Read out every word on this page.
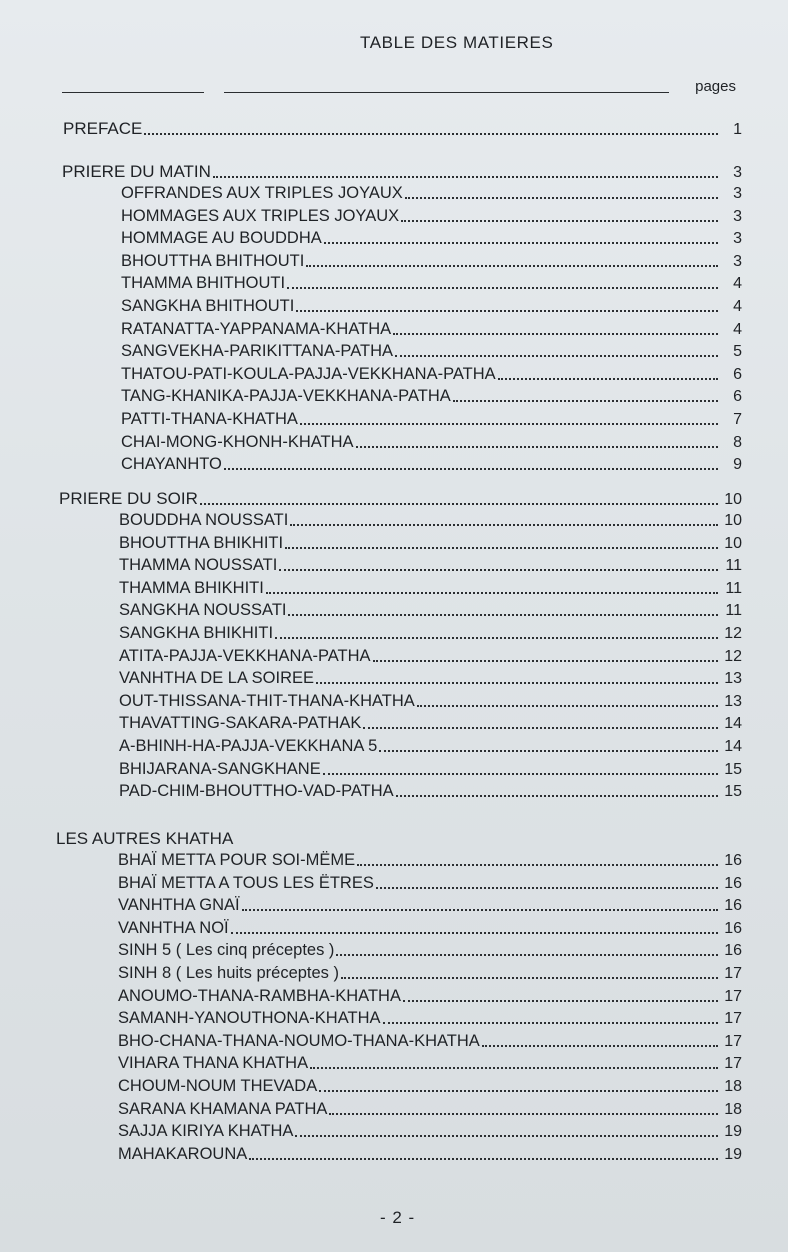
TABLE DES MATIERES
pages
PREFACE	1
PRIERE DU MATIN	3
OFFRANDES AUX TRIPLES JOYAUX	3
HOMMAGES AUX TRIPLES JOYAUX	3
HOMMAGE AU BOUDDHA	3
BHOUTTHA BHITHOUTI	3
THAMMA BHITHOUTI	4
SANGKHA BHITHOUTI	4
RATANATTA-YAPPANAMA-KHATHA	4
SANGVEKHA-PARIKITTANA-PATHA	5
THATOU-PATI-KOULA-PAJJA-VEKKHANA-PATHA	6
TANG-KHANIKA-PAJJA-VEKKHANA-PATHA	6
PATTI-THANA-KHATHA	7
CHAI-MONG-KHONH-KHATHA	8
CHAYANHTO	9
PRIERE DU SOIR	10
BOUDDHA NOUSSATI	10
BHOUTTHA BHIKHITI	10
THAMMA NOUSSATI	11
THAMMA BHIKHITI	11
SANGKHA NOUSSATI	11
SANGKHA BHIKHITI	12
ATITA-PAJJA-VEKKHANA-PATHA	12
VANHTHA DE LA SOIREE	13
OUT-THISSANA-THIT-THANA-KHATHA	13
THAVATTING-SAKARA-PATHAK	14
A-BHINH-HA-PAJJA-VEKKHANA 5	14
BHIJARANA-SANGKHANE	15
PAD-CHIM-BHOUTTHO-VAD-PATHA	15
LES AUTRES KHATHA
BHAÏ METTA POUR SOI-MËME	16
BHAÏ METTA A TOUS LES ËTRES	16
VANHTHA GNAÏ	16
VANHTHA NOÏ	16
SINH 5 ( Les cinq préceptes )	16
SINH 8 ( Les huits préceptes )	17
ANOUMO-THANA-RAMBHA-KHATHA	17
SAMANH-YANOUTHONA-KHATHA	17
BHO-CHANA-THANA-NOUMO-THANA-KHATHA	17
VIHARA THANA KHATHA	17
CHOUM-NOUM THEVADA	18
SARANA KHAMANA PATHA	18
SAJJA KIRIYA KHATHA	19
MAHAKAROUNA	19
- 2 -
